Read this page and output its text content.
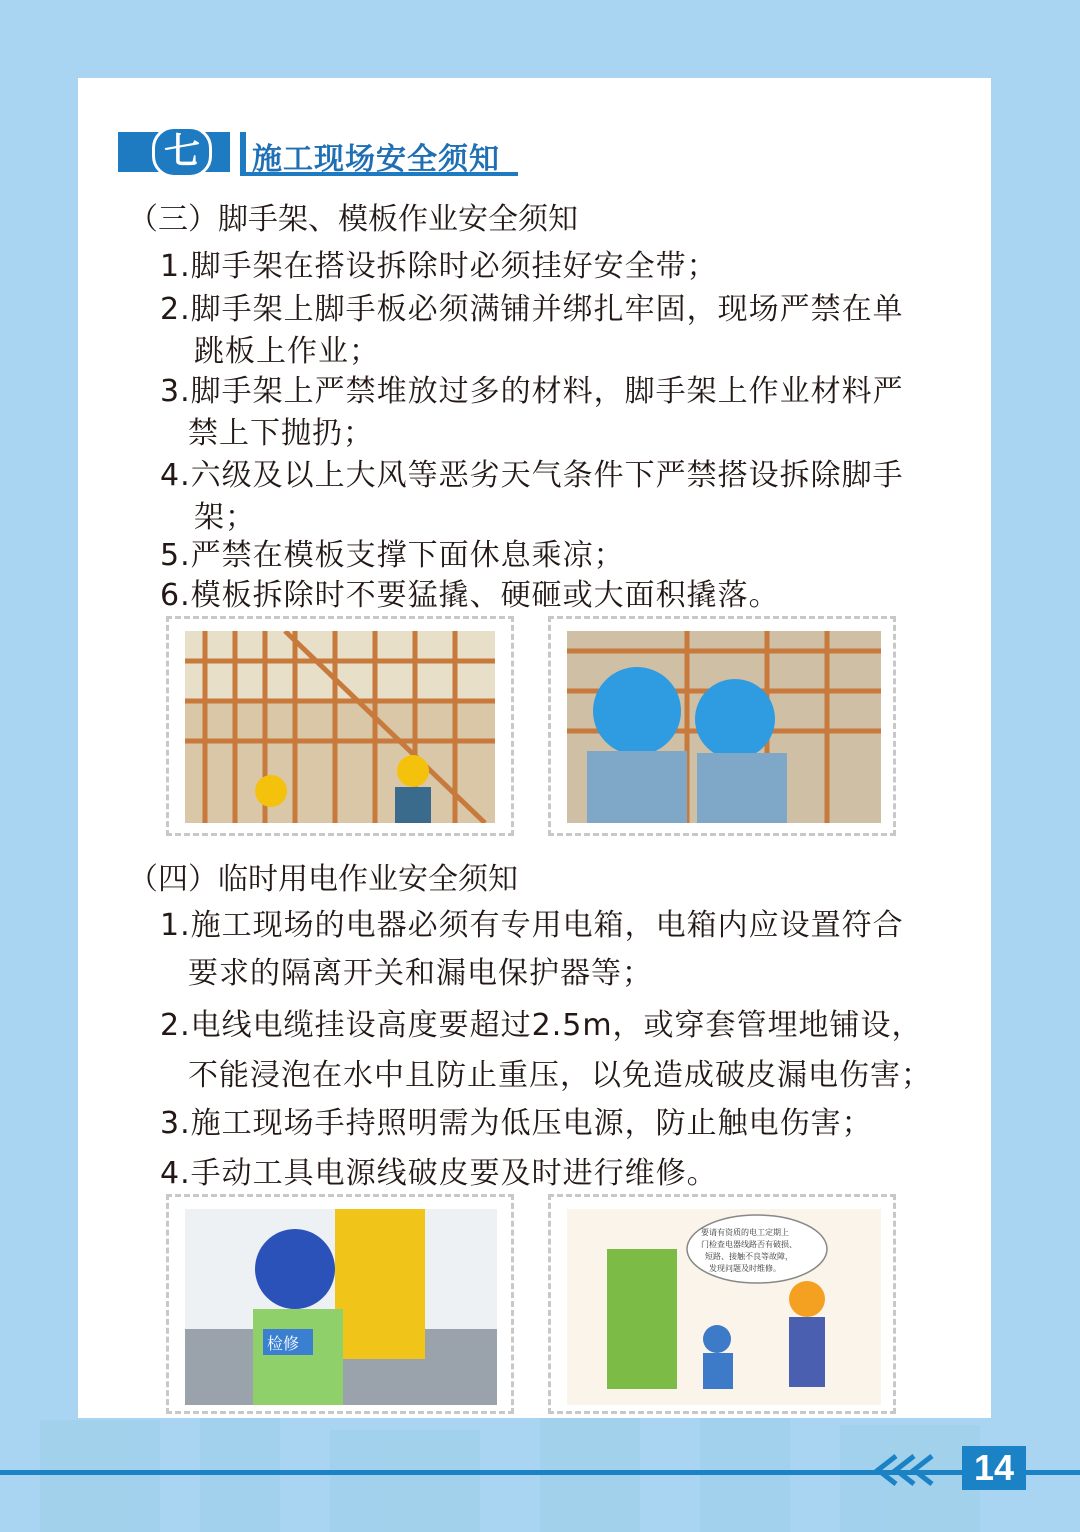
七	施工现场安全须知
（三）脚手架、模板作业安全须知
1.脚手架在搭设拆除时必须挂好安全带；
2.脚手架上脚手板必须满铺并绑扎牢固，现场严禁在单
跳板上作业；
3.脚手架上严禁堆放过多的材料，脚手架上作业材料严
禁上下抛扔；
4.六级及以上大风等恶劣天气条件下严禁搭设拆除脚手
架；
5.严禁在模板支撑下面休息乘凉；
6.模板拆除时不要猛撬、硬砸或大面积撬落。
（四）临时用电作业安全须知
1.施工现场的电器必须有专用电箱，电箱内应设置符合
要求的隔离开关和漏电保护器等；
2.电线电缆挂设高度要超过2.5m，或穿套管埋地铺设，
不能浸泡在水中且防止重压，以免造成破皮漏电伤害；
3.施工现场手持照明需为低压电源，防止触电伤害；
4.手动工具电源线破皮要及时进行维修。
检修
要请有资质的电工定期上
门检查电器线路否有破损、
短路、接触不良等故障，
发现问题及时维修。
14
